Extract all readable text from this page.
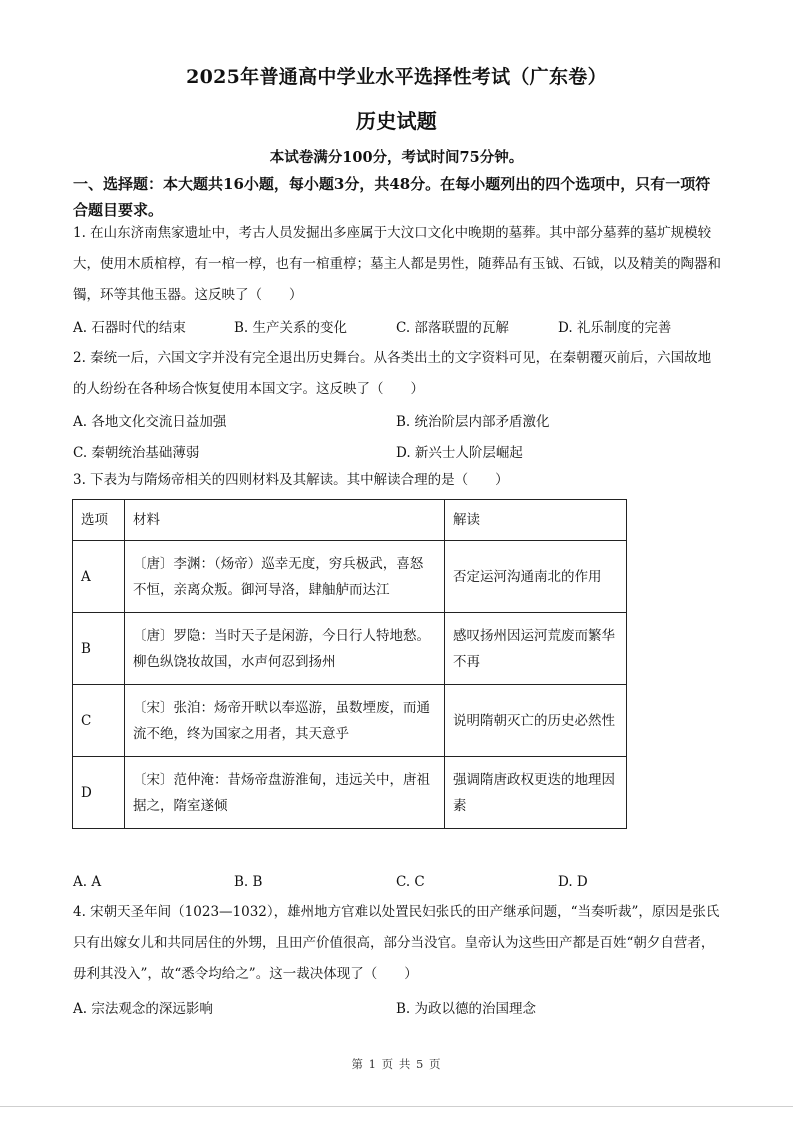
2025年普通高中学业水平选择性考试（广东卷）
历史试题
本试卷满分100分，考试时间75分钟。
一、选择题：本大题共16小题，每小题3分，共48分。在每小题列出的四个选项中，只有一项符合题目要求。
1. 在山东济南焦家遗址中，考古人员发掘出多座属于大汶口文化中晚期的墓葬。其中部分墓葬的墓圹规模较大，使用木质棺椁，有一棺一椁，也有一棺重椁；墓主人都是男性，随葬品有玉钺、石钺，以及精美的陶器和镯，环等其他玉器。这反映了（　　）
A. 石器时代的结束	B. 生产关系的变化	C. 部落联盟的瓦解	D. 礼乐制度的完善
2. 秦统一后，六国文字并没有完全退出历史舞台。从各类出土的文字资料可见，在秦朝覆灭前后，六国故地的人纷纷在各种场合恢复使用本国文字。这反映了（　　）
A. 各地文化交流日益加强	B. 统治阶层内部矛盾激化
C. 秦朝统治基础薄弱	D. 新兴士人阶层崛起
3. 下表为与隋炀帝相关的四则材料及其解读。其中解读合理的是（　　）
选项	材料	解读
A	〔唐〕李渊：（炀帝）巡幸无度，穷兵极武，喜怒不恒，亲离众叛。御河导洛，肆舳舻而达江	否定运河沟通南北的作用
B	〔唐〕罗隐：当时天子是闲游，今日行人特地愁。柳色纵饶妆故国，水声何忍到扬州	感叹扬州因运河荒废而繁华不再
C	〔宋〕张洎：炀帝开畎以奉巡游，虽数堙废，而通流不绝，终为国家之用者，其天意乎	说明隋朝灭亡的历史必然性
D	〔宋〕范仲淹：昔炀帝盘游淮甸，违远关中，唐祖据之，隋室遂倾	强调隋唐政权更迭的地理因素
A. A	B. B	C. C	D. D
4. 宋朝天圣年间（1023—1032），雄州地方官难以处置民妇张氏的田产继承问题，“当奏听裁”，原因是张氏只有出嫁女儿和共同居住的外甥，且田产价值很高，部分当没官。皇帝认为这些田产都是百姓“朝夕自营者，毋利其没入”，故“悉令均给之”。这一裁决体现了（　　）
A. 宗法观念的深远影响	B. 为政以德的治国理念
第 1 页 共 5 页
